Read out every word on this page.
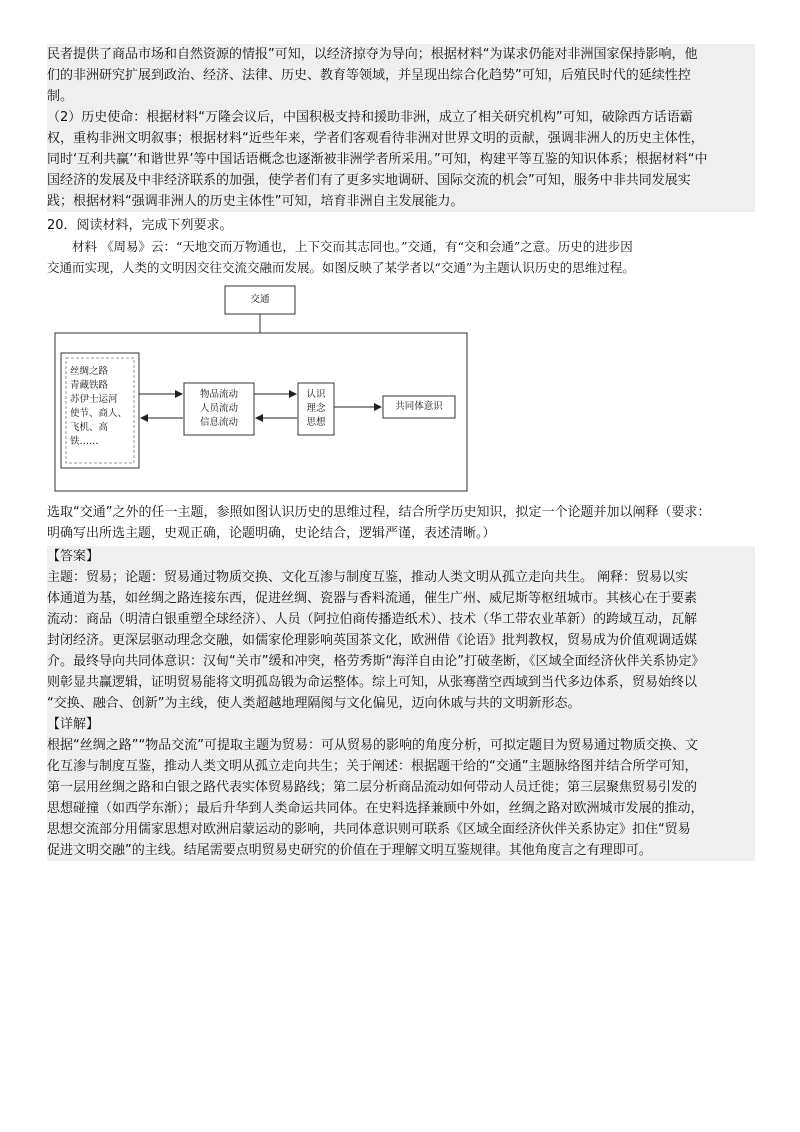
民者提供了商品市场和自然资源的情报”可知，以经济掠夺为导向；根据材料“为谋求仍能对非洲国家保持影响，他

们的非洲研究扩展到政治、经济、法律、历史、教育等领域，并呈现出综合化趋势”可知，后殖民时代的延续性控

制。

（2）历史使命：根据材料“万隆会议后，中国积极支持和援助非洲，成立了相关研究机构”可知，破除西方话语霸

权，重构非洲文明叙事；根据材料“近些年来，学者们客观看待非洲对世界文明的贡献，强调非洲人的历史主体性，

同时‘互利共赢’‘和谐世界’等中国话语概念也逐渐被非洲学者所采用。”可知，构建平等互鉴的知识体系；根据材料“中

国经济的发展及中非经济联系的加强，使学者们有了更多实地调研、国际交流的机会”可知，服务中非共同发展实

践；根据材料“强调非洲人的历史主体性”可知，培育非洲自主发展能力。

20．阅读材料，完成下列要求。

材料 《周易》云：“天地交而万物通也，上下交而其志同也。”交通，有“交和会通”之意。历史的进步因

交通而实现，人类的文明因交往交流交融而发展。如图反映了某学者以“交通”为主题认识历史的思维过程。

交通
丝绸之路
青藏铁路
苏伊士运河
使节、商人、
飞机、高
铁……
物品流动
人员流动
信息流动
认识
理念
思想
共同体意识

选取“交通”之外的任一主题，参照如图认识历史的思维过程，结合所学历史知识，拟定一个论题并加以阐释（要求：

明确写出所选主题，史观正确，论题明确，史论结合，逻辑严谨，表述清晰。）

【答案】

主题：贸易；论题：贸易通过物质交换、文化互渗与制度互鉴，推动人类文明从孤立走向共生。 阐释：贸易以实

体通道为基，如丝绸之路连接东西，促进丝绸、瓷器与香料流通，催生广州、威尼斯等枢纽城市。其核心在于要素

流动：商品（明清白银重塑全球经济）、人员（阿拉伯商传播造纸术）、技术（华工带农业革新）的跨域互动，瓦解

封闭经济。更深层驱动理念交融，如儒家伦理影响英国茶文化，欧洲借《论语》批判教权，贸易成为价值观调适媒

介。最终导向共同体意识：汉甸“关市”缓和冲突，格劳秀斯“海洋自由论”打破垄断，《区域全面经济伙伴关系协定》

则彰显共赢逻辑，证明贸易能将文明孤岛锻为命运整体。综上可知，从张骞凿空西域到当代多边体系，贸易始终以

“交换、融合、创新”为主线，使人类超越地理隔阂与文化偏见，迈向休戚与共的文明新形态。

【详解】

根据“丝绸之路”“物品交流”可提取主题为贸易：可从贸易的影响的角度分析，可拟定题目为贸易通过物质交换、文

化互渗与制度互鉴，推动人类文明从孤立走向共生；关于阐述：根据题干给的“交通”主题脉络图并结合所学可知，

第一层用丝绸之路和白银之路代表实体贸易路线；第二层分析商品流动如何带动人员迁徙；第三层聚焦贸易引发的

思想碰撞（如西学东渐）；最后升华到人类命运共同体。在史料选择兼顾中外如，丝绸之路对欧洲城市发展的推动，

思想交流部分用儒家思想对欧洲启蒙运动的影响，共同体意识则可联系《区域全面经济伙伴关系协定》扣住“贸易

促进文明交融”的主线。结尾需要点明贸易史研究的价值在于理解文明互鉴规律。其他角度言之有理即可。
